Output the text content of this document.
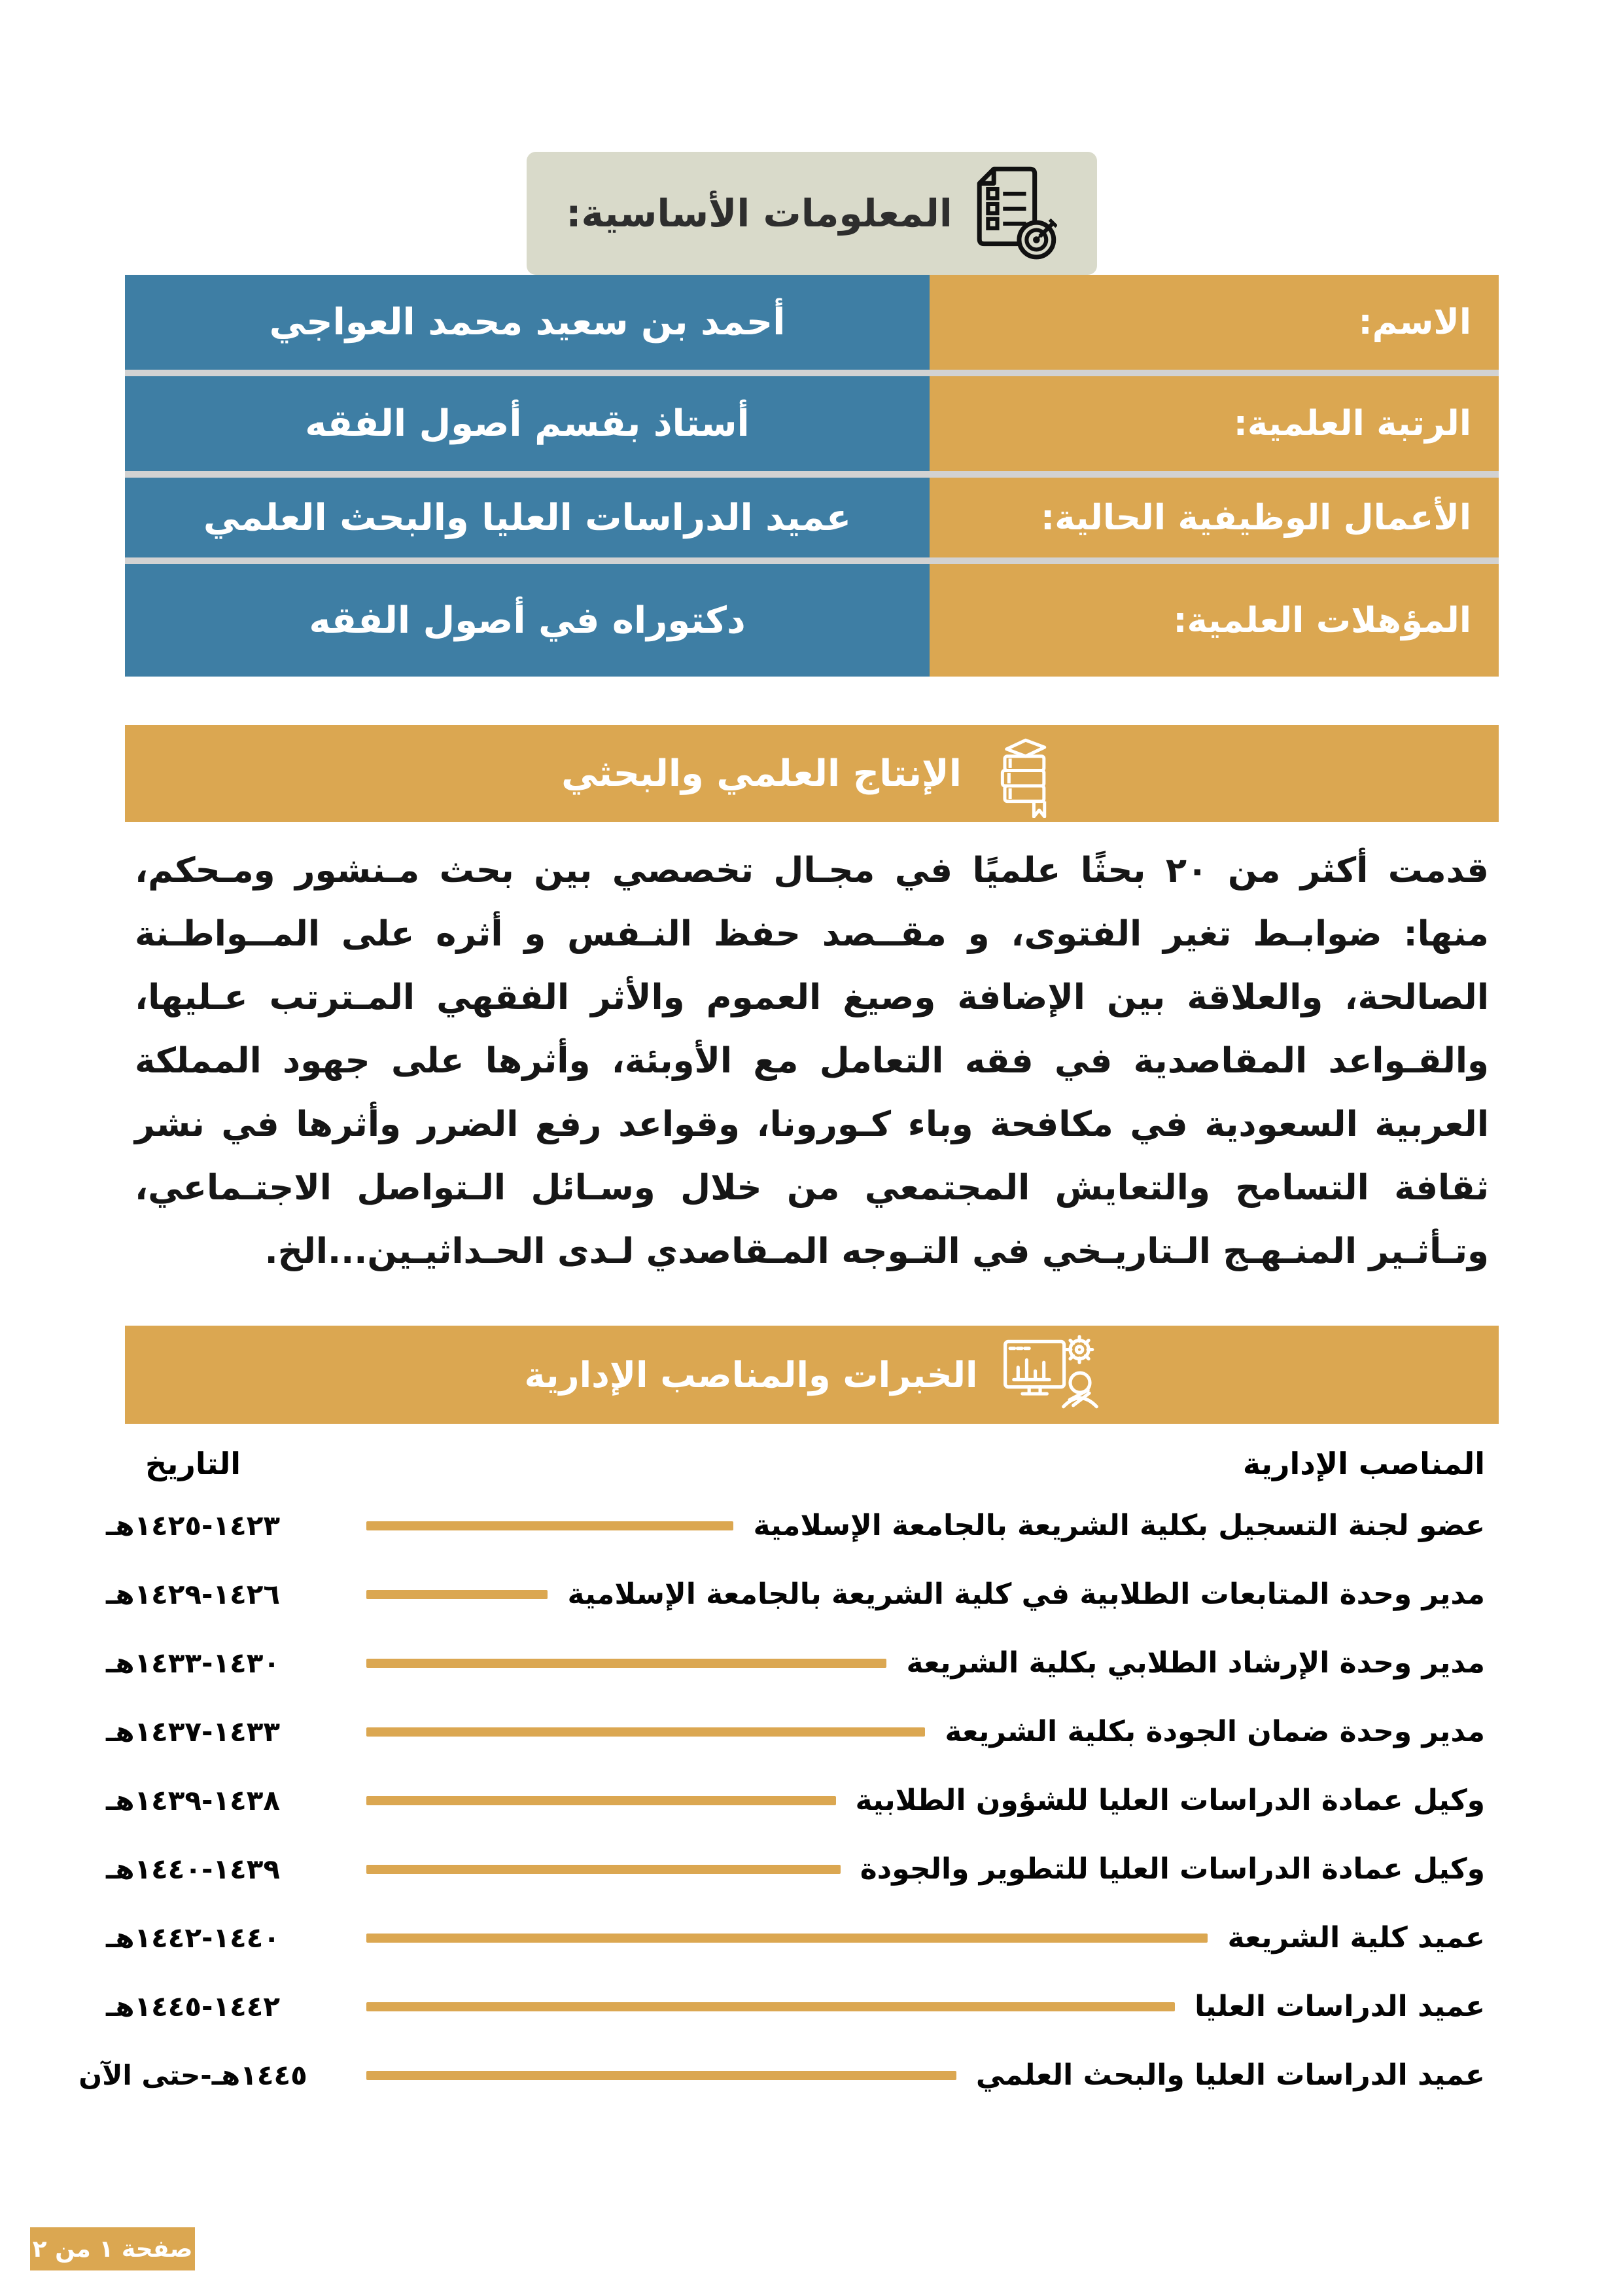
المعلومات الأساسية:
الاسم:
أحمد بن سعيد محمد العواجي
الرتبة العلمية:
أستاذ بقسم أصول الفقه
الأعمال الوظيفية الحالية:
عميد الدراسات العليا والبحث العلمي
المؤهلات العلمية:
دكتوراه في أصول الفقه
الإنتاج العلمي والبحثي
قدمت أكثر من ٢٠ بحثًا علميًا في مجـال تخصصي بين بحث مـنشور ومـحكم، منها: ضوابـط تغير الفتوى، و مقــصد حفظ النـفس و أثره على المــواطـنة الصالحة، والعلاقة بين الإضافة وصيغ العموم والأثر الفقهي المـترتب عـليها، والقـواعد المقاصدية في فقه التعامل مع الأوبئة، وأثرها على جهود المملكة العربية السعودية في مكافحة وباء كـورونا، وقواعد رفع الضرر وأثرها في نشر ثقافة التسامح والتعايش المجتمعي من خلال وسـائل الـتواصل الاجتـماعي، وتـأثـير المنـهـج الـتاريـخي في التـوجه المـقاصدي لـدى الحـداثيـين...الخ.
الخبرات والمناصب الإدارية
المناصب الإدارية
التاريخ
عضو لجنة التسجيل بكلية الشريعة بالجامعة الإسلامية
١٤٢٣-١٤٢٥هـ
مدير وحدة المتابعات الطلابية في كلية الشريعة بالجامعة الإسلامية
١٤٢٦-١٤٢٩هـ
مدير وحدة الإرشاد الطلابي بكلية الشريعة
١٤٣٠-١٤٣٣هـ
مدير وحدة ضمان الجودة بكلية الشريعة
١٤٣٣-١٤٣٧هـ
وكيل عمادة الدراسات العليا للشؤون الطلابية
١٤٣٨-١٤٣٩هـ
وكيل عمادة الدراسات العليا للتطوير والجودة
١٤٣٩-١٤٤٠هـ
عميد كلية الشريعة
١٤٤٠-١٤٤٢هـ
عميد الدراسات العليا
١٤٤٢-١٤٤٥هـ
عميد الدراسات العليا والبحث العلمي
١٤٤٥هـ-حتى الآن
صفحة ١ من ٢
